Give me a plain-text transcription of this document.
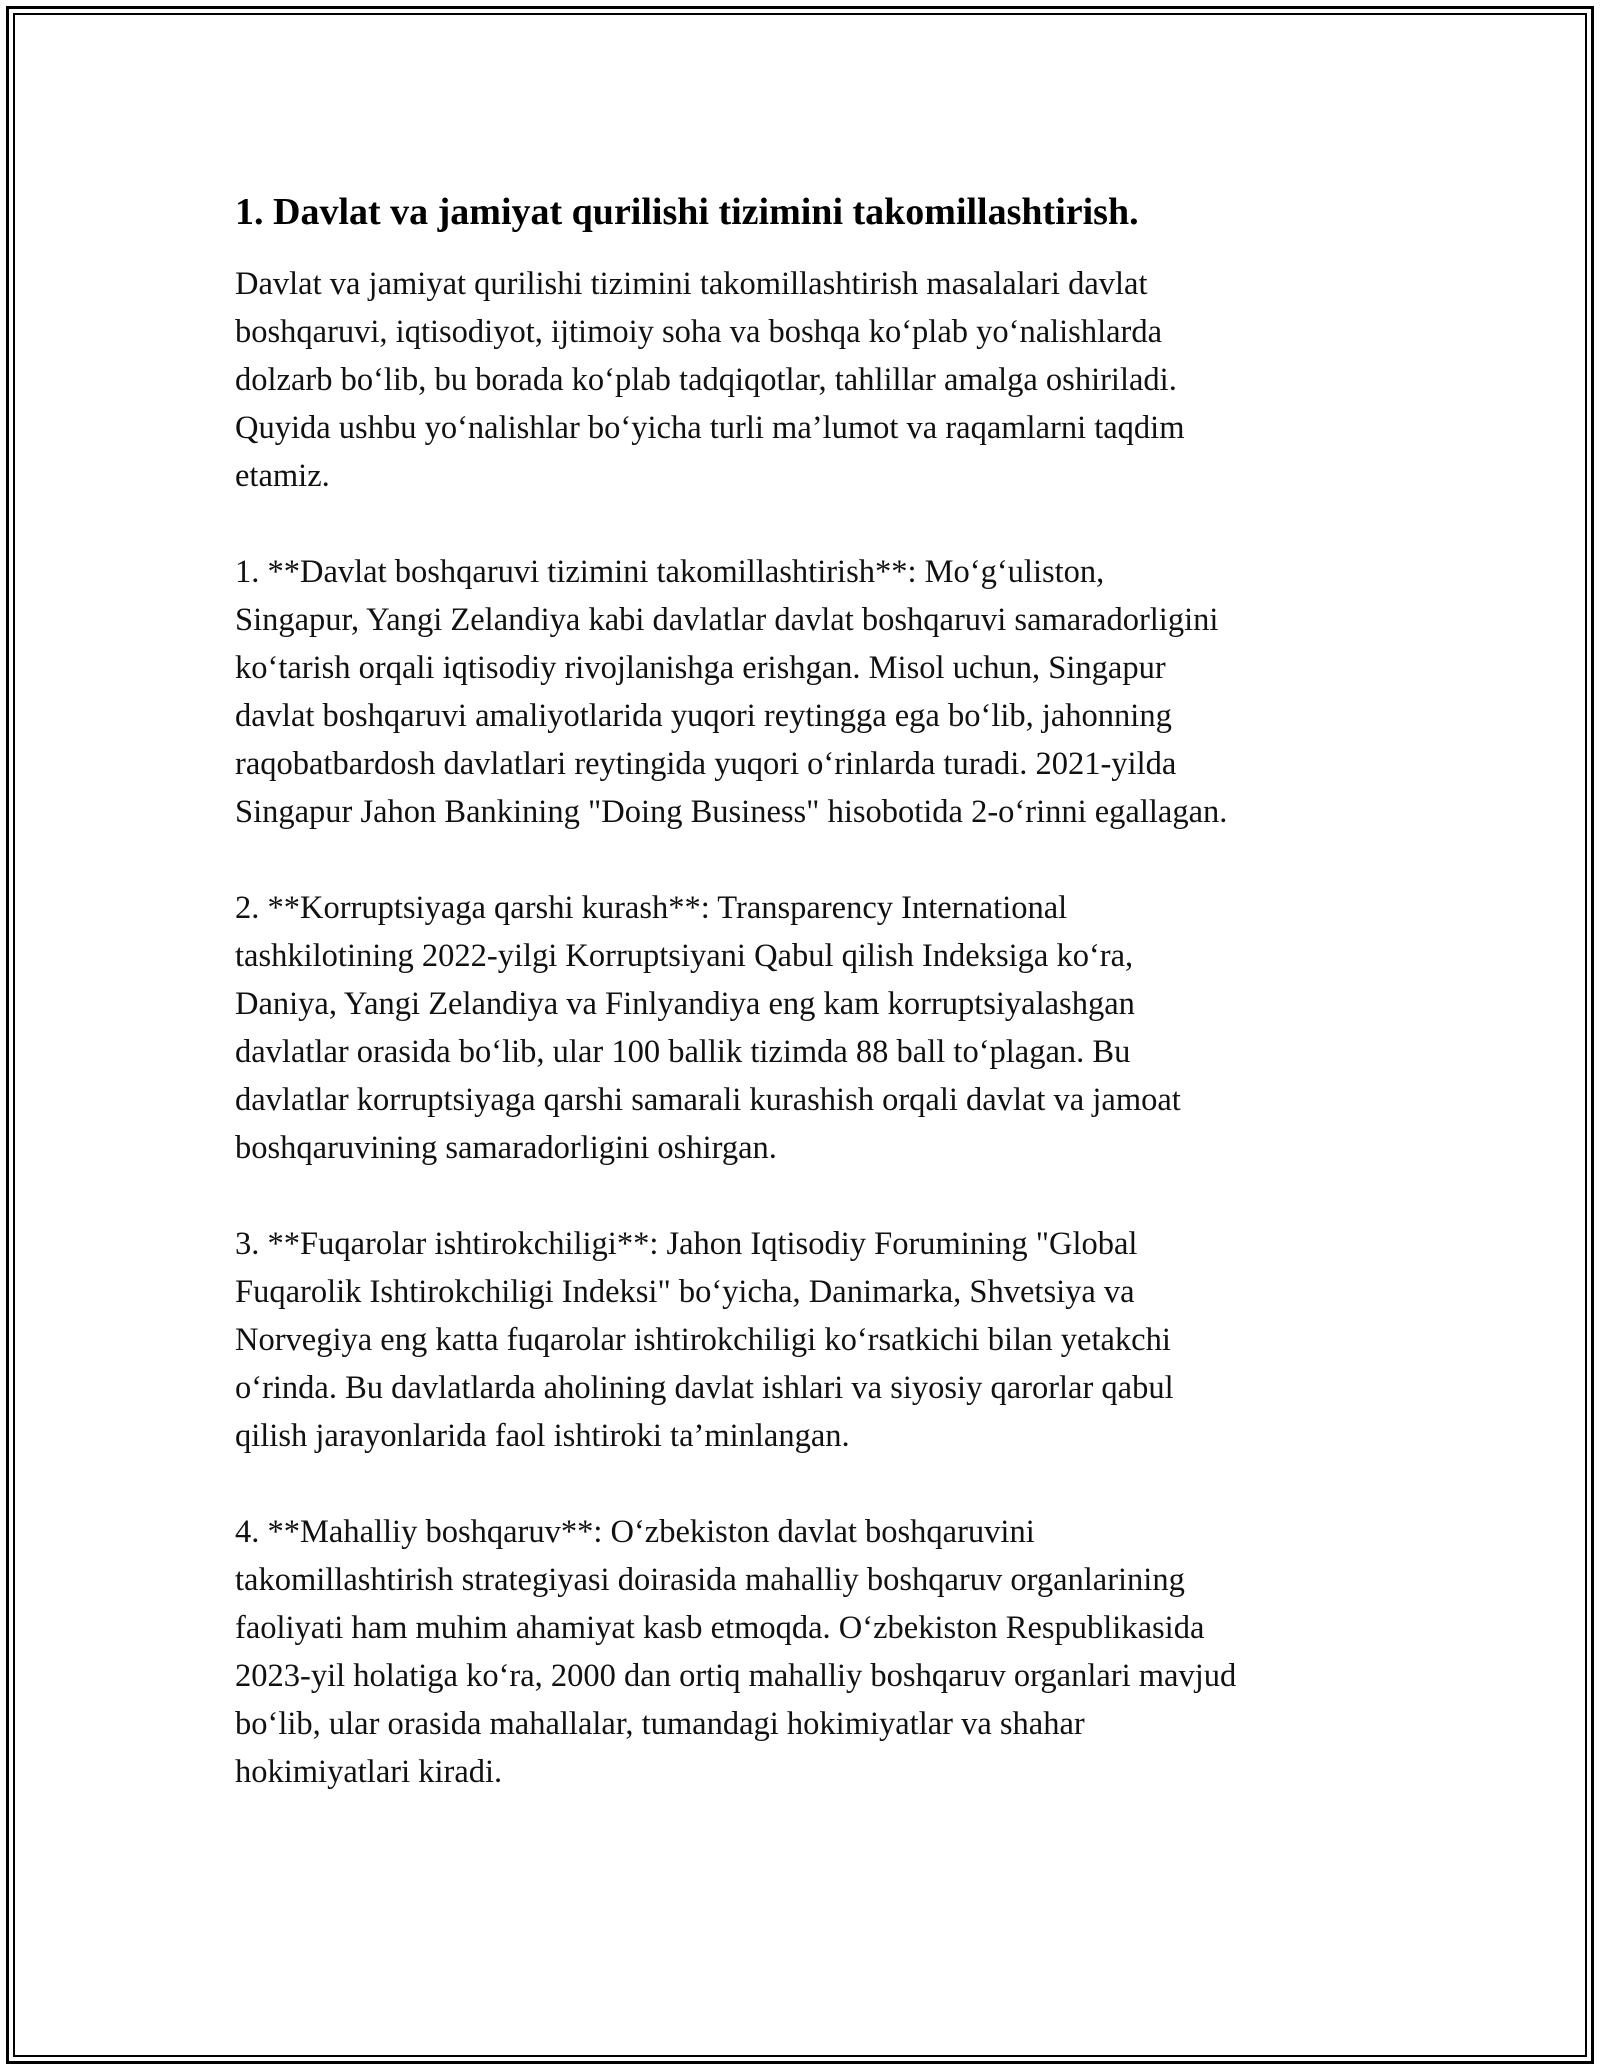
1. Davlat va jamiyat qurilishi tizimini takomillashtirish.

Davlat va jamiyat qurilishi tizimini takomillashtirish masalalari davlat
boshqaruvi, iqtisodiyot, ijtimoiy soha va boshqa ko‘plab yo‘nalishlarda
dolzarb bo‘lib, bu borada ko‘plab tadqiqotlar, tahlillar amalga oshiriladi.
Quyida ushbu yo‘nalishlar bo‘yicha turli ma’lumot va raqamlarni taqdim
etamiz.

1. **Davlat boshqaruvi tizimini takomillashtirish**: Mo‘g‘uliston,
Singapur, Yangi Zelandiya kabi davlatlar davlat boshqaruvi samaradorligini
ko‘tarish orqali iqtisodiy rivojlanishga erishgan. Misol uchun, Singapur
davlat boshqaruvi amaliyotlarida yuqori reytingga ega bo‘lib, jahonning
raqobatbardosh davlatlari reytingida yuqori o‘rinlarda turadi. 2021-yilda
Singapur Jahon Bankining "Doing Business" hisobotida 2-o‘rinni egallagan.

2. **Korruptsiyaga qarshi kurash**: Transparency International
tashkilotining 2022-yilgi Korruptsiyani Qabul qilish Indeksiga ko‘ra,
Daniya, Yangi Zelandiya va Finlyandiya eng kam korruptsiyalashgan
davlatlar orasida bo‘lib, ular 100 ballik tizimda 88 ball to‘plagan. Bu
davlatlar korruptsiyaga qarshi samarali kurashish orqali davlat va jamoat
boshqaruvining samaradorligini oshirgan.

3. **Fuqarolar ishtirokchiligi**: Jahon Iqtisodiy Forumining "Global
Fuqarolik Ishtirokchiligi Indeksi" bo‘yicha, Danimarka, Shvetsiya va
Norvegiya eng katta fuqarolar ishtirokchiligi ko‘rsatkichi bilan yetakchi
o‘rinda. Bu davlatlarda aholining davlat ishlari va siyosiy qarorlar qabul
qilish jarayonlarida faol ishtiroki ta’minlangan.

4. **Mahalliy boshqaruv**: O‘zbekiston davlat boshqaruvini
takomillashtirish strategiyasi doirasida mahalliy boshqaruv organlarining
faoliyati ham muhim ahamiyat kasb etmoqda. O‘zbekiston Respublikasida
2023-yil holatiga ko‘ra, 2000 dan ortiq mahalliy boshqaruv organlari mavjud
bo‘lib, ular orasida mahallalar, tumandagi hokimiyatlar va shahar
hokimiyatlari kiradi.
